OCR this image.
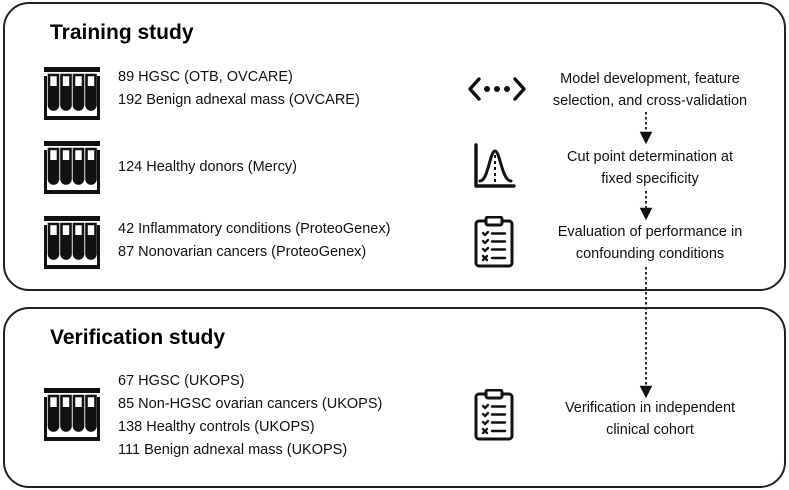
Training study
89 HGSC (OTB, OVCARE)
192 Benign adnexal mass (OVCARE)
124 Healthy donors (Mercy)
42 Inflammatory conditions (ProteoGenex)
87 Nonovarian cancers (ProteoGenex)
Model development, feature
selection, and cross-validation
Cut point determination at
fixed specificity
Evaluation of performance in
confounding conditions
Verification study
67 HGSC (UKOPS)
85 Non-HGSC ovarian cancers (UKOPS)
138 Healthy controls (UKOPS)
111 Benign adnexal mass (UKOPS)
Verification in independent
clinical cohort
